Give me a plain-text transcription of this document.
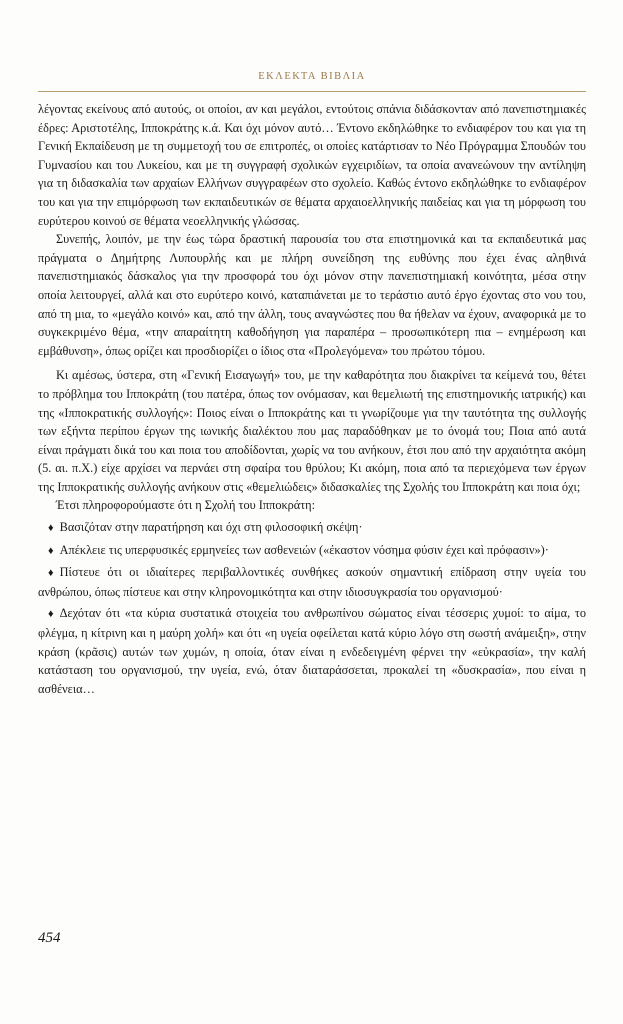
ΕΚΛΕΚΤΑ ΒΙΒΛΙΑ

λέγοντας εκείνους από αυτούς, οι οποίοι, αν και μεγάλοι, εντούτοις σπάνια διδάσκονταν από πανεπιστημιακές έδρες: Αριστοτέλης, Ιπποκράτης κ.ά. Και όχι μόνον αυτό… Έντονο εκδηλώθηκε το ενδιαφέρον του και για τη Γενική Εκπαίδευση με τη συμμετοχή του σε επιτροπές, οι οποίες κατάρτισαν το Νέο Πρόγραμμα Σπουδών του Γυμνασίου και του Λυκείου, και με τη συγγραφή σχολικών εγχειριδίων, τα οποία ανανεώνουν την αντίληψη για τη διδασκαλία των αρχαίων Ελλήνων συγγραφέων στο σχολείο. Καθώς έντονο εκδηλώθηκε το ενδιαφέρον του και για την επιμόρφωση των εκπαιδευτικών σε θέματα αρχαιοελληνικής παιδείας και για τη μόρφωση του ευρύτερου κοινού σε θέματα νεοελληνικής γλώσσας.

Συνεπής, λοιπόν, με την έως τώρα δραστική παρουσία του στα επιστημονικά και τα εκπαιδευτικά μας πράγματα ο Δημήτρης Λυπουρλής και με πλήρη συνείδηση της ευθύνης που έχει ένας αληθινά πανεπιστημιακός δάσκαλος για την προσφορά του όχι μόνον στην πανεπιστημιακή κοινότητα, μέσα στην οποία λειτουργεί, αλλά και στο ευρύτερο κοινό, καταπιάνεται με το τεράστιο αυτό έργο έχοντας στο νου του, από τη μια, το «μεγάλο κοινό» και, από την άλλη, τους αναγνώστες που θα ήθελαν να έχουν, αναφορικά με το συγκεκριμένο θέμα, «την απαραίτητη καθοδήγηση για παραπέρα – προσωπικότερη πια – ενημέρωση και εμβάθυνση», όπως ορίζει και προσδιορίζει ο ίδιος στα «Προλεγόμενα» του πρώτου τόμου.

Κι αμέσως, ύστερα, στη «Γενική Εισαγωγή» του, με την καθαρότητα που διακρίνει τα κείμενά του, θέτει το πρόβλημα του Ιπποκράτη (του πατέρα, όπως τον ονόμασαν, και θεμελιωτή της επιστημονικής ιατρικής) και της «Ιπποκρατικής συλλογής»: Ποιος είναι ο Ιπποκράτης και τι γνωρίζουμε για την ταυτότητα της συλλογής των εξήντα περίπου έργων της ιωνικής διαλέκτου που μας παραδόθηκαν με το όνομά του; Ποια από αυτά είναι πράγματι δικά του και ποια του αποδίδονται, χωρίς να του ανήκουν, έτσι που από την αρχαιότητα ακόμη (5. αι. π.Χ.) είχε αρχίσει να περνάει στη σφαίρα του θρύλου; Κι ακόμη, ποια από τα περιεχόμενα των έργων της Ιπποκρατικής συλλογής ανήκουν στις «θεμελιώδεις» διδασκαλίες της Σχολής του Ιπποκράτη και ποια όχι;

Έτσι πληροφορούμαστε ότι η Σχολή του Ιπποκράτη:

♦ Βασιζόταν στην παρατήρηση και όχι στη φιλοσοφική σκέψη·

♦ Απέκλειε τις υπερφυσικές ερμηνείες των ασθενειών («έκαστον νόσημα φύσιν έχει καὶ πρόφασιν»)·

♦ Πίστευε ότι οι ιδιαίτερες περιβαλλοντικές συνθήκες ασκούν σημαντική επίδραση στην υγεία του ανθρώπου, όπως πίστευε και στην κληρονομικότητα και στην ιδιοσυγκρασία του οργανισμού·

♦ Δεχόταν ότι «τα κύρια συστατικά στοιχεία του ανθρωπίνου σώματος είναι τέσσερις χυμοί: το αίμα, το φλέγμα, η κίτρινη και η μαύρη χολή» και ότι «η υγεία οφείλεται κατά κύριο λόγο στη σωστή ανάμειξη», στην κράση (κρᾶσις) αυτών των χυμών, η οποία, όταν είναι η ενδεδειγμένη φέρνει την «εὐκρασία», την καλή κατάσταση του οργανισμού, την υγεία, ενώ, όταν διαταράσσεται, προκαλεί τη «δυσκρασία», που είναι η ασθένεια…

454
